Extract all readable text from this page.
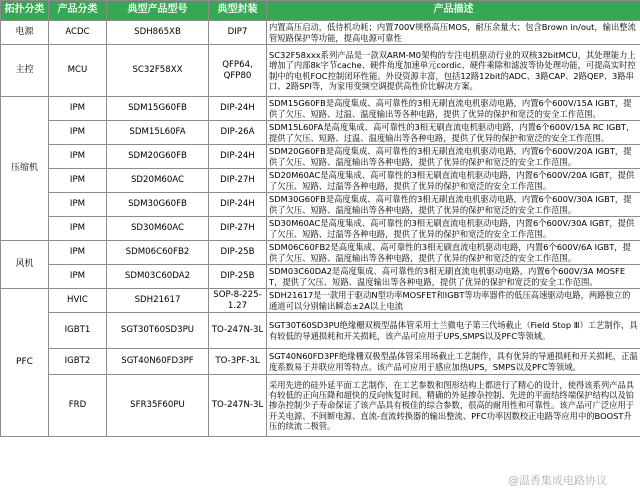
拓扑分类	产品分类	典型产品型号	典型封装	产品描述
电源	ACDC	SDH865XB	DIP7	内置高压启动，低待机功耗；内置700V规格高压MOS，耐压余量大；包含Brown in/out，输出整流管短路保护等功能，提高电源可靠性
主控	MCU	SC32F58XX	QFP64, QFP80	SC32F58xxx系列产品是一款双ARM-M0架构的专注电机驱动行业的双核32bitMCU，其处理能力上增加了内部8k字节cache、硬件角度加速单元cordic、硬件乘除和滤波等协处理功能，可提高实时控制中的电机FOC控制闭环性能。外设资源丰富，包括12路12bit的ADC、3路CAP、2路QEP、3路串口、2路SPI等，为家用变频空调提供高性价比解决方案。
压缩机	IPM	SDM15G60FB	DIP-24H	SDM15G60FB是高度集成、高可靠性的3相无刷直流电机驱动电路，内置6个600V/15A IGBT，提供了欠压、短路、过温、温度输出等各种电路，提供了优异的保护和宽泛的安全工作范围。
	IPM	SDM15L60FA	DIP-26A	SDM15L60FA是高度集成、高可靠性的3相无刷直流电机驱动电路，内置6个600V/15A RC IGBT，提供了欠压、短路、过温、温度输出等各种电路，提供了优异的保护和宽泛的安全工作范围。
	IPM	SDM20G60FB	DIP-24H	SDM20G60FB是高度集成、高可靠性的3相无刷直流电机驱动电路，内置6个600V/20A IGBT，提供了欠压、短路、温度输出等各种电路，提供了优异的保护和宽泛的安全工作范围。
	IPM	SD20M60AC	DIP-27H	SD20M60AC是高度集成、高可靠性的3相无刷直流电机驱动电路，内置6个600V/20A IGBT，提供了欠压、短路、过温等各种电路，提供了优异的保护和宽泛的安全工作范围。
	IPM	SDM30G60FB	DIP-24H	SDM30G60FB是高度集成、高可靠性的3相无刷直流电机驱动电路，内置6个600V/30A IGBT，提供了欠压、短路、温度输出等各种电路，提供了优异的保护和宽泛的安全工作范围。
	IPM	SD30M60AC	DIP-27H	SD30M60AC是高度集成、高可靠性的3相无刷直流电机驱动电路，内置6个600V/30A IGBT，提供了欠压、短路、过温等各种电路，提供了优异的保护和宽泛的安全工作范围。
风机	IPM	SDM06C60FB2	DIP-25B	SDM06C60FB2是高度集成、高可靠性的3相无刷直流电机驱动电路，内置6个600V/6A IGBT，提供了欠压、短路、温度输出等各种电路，提供了优异的保护和宽泛的安全工作范围。
	IPM	SDM03C60DA2	DIP-25B	SDM03C60DA2是高度集成、高可靠性的3相无刷直流电机驱动电路，内置6个600V/3A MOSFET，提供了欠压、短路、温度输出等各种电路，提供了优异的保护和宽泛的安全工作范围。
PFC	HVIC	SDH21617	SOP-8-225-1.27	SDH21617是一款用于驱动N型功率MOSFET和IGBT等功率器件的低压高速驱动电路，两路独立的通道可以分别输出瞬态±2A以上电流
	IGBT1	SGT30T60SD3PU	TO-247N-3L	SGT30T60SD3PU绝缘栅双极型晶体管采用士兰微电子第三代场截止（Field Stop Ⅲ）工艺制作，具有较低的导通损耗和开关损耗，该产品可应用于UPS,SMPS以及PFC等领域。
	IGBT2	SGT40N60FD3PF	TO-3PF-3L	SGT40N60FD3PF绝缘栅双极型晶体管采用场截止工艺制作，具有优异的导通损耗和开关损耗，正温度系数易于并联应用等特点。该产品可应用于感应加热UPS，SMPS以及PFC等领域。
	FRD	SFR35F60PU	TO-247N-3L	采用先进的硅外延平面工艺制作，在工艺参数和图形结构上都进行了精心的设计，使得该系列产品具有较低的正向压降和超快的反向恢复时间。精确的外延掺杂控制、先进的平面结终端保护结构以及铂掺杂控制少子寿命保证了该产品具有极佳的综合参数，很高的耐用性和可靠性。该产品可广泛应用于开关电源、不间断电源、直流-直流转换器的输出整流、PFC功率因数校正电路等应用中的BOOST升压的续流二极管。
@温香集成电路协议
